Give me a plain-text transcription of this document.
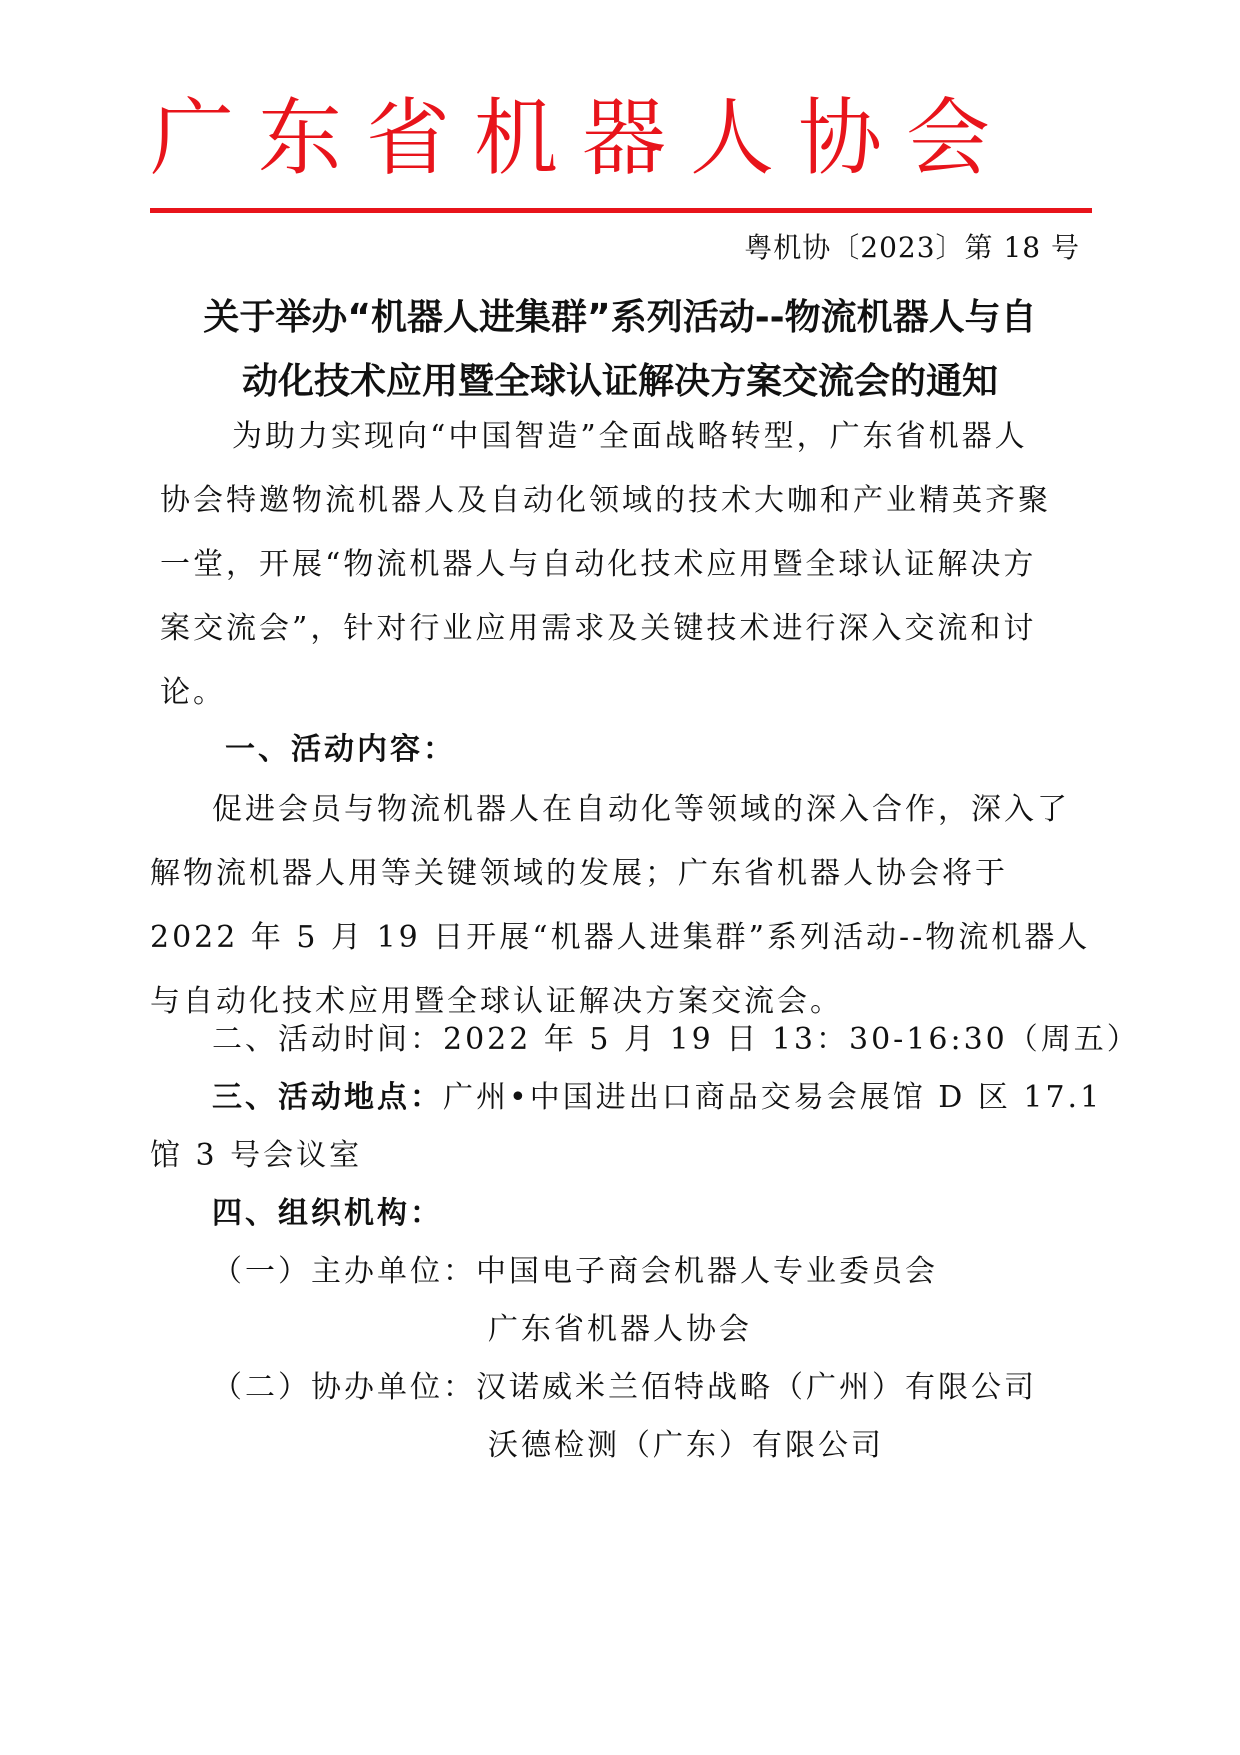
广东省机器人协会
粤机协〔2023〕第 18 号
关于举办“机器人进集群”系列活动--物流机器人与自
动化技术应用暨全球认证解决方案交流会的通知
为助力实现向“中国智造”全面战略转型，广东省机器人
协会特邀物流机器人及自动化领域的技术大咖和产业精英齐聚
一堂，开展“物流机器人与自动化技术应用暨全球认证解决方
案交流会”，针对行业应用需求及关键技术进行深入交流和讨
论。
一、活动内容：
促进会员与物流机器人在自动化等领域的深入合作，深入了
解物流机器人用等关键领域的发展；广东省机器人协会将于
2022 年 5 月 19 日开展“机器人进集群”系列活动--物流机器人
与自动化技术应用暨全球认证解决方案交流会。
二、活动时间：2022 年 5 月 19 日 13：30-16:30（周五）
三、活动地点：广州•中国进出口商品交易会展馆 D 区 17.1
馆 3 号会议室
四、组织机构：
（一）主办单位：中国电子商会机器人专业委员会
广东省机器人协会
（二）协办单位：汉诺威米兰佰特战略（广州）有限公司
沃德检测（广东）有限公司
